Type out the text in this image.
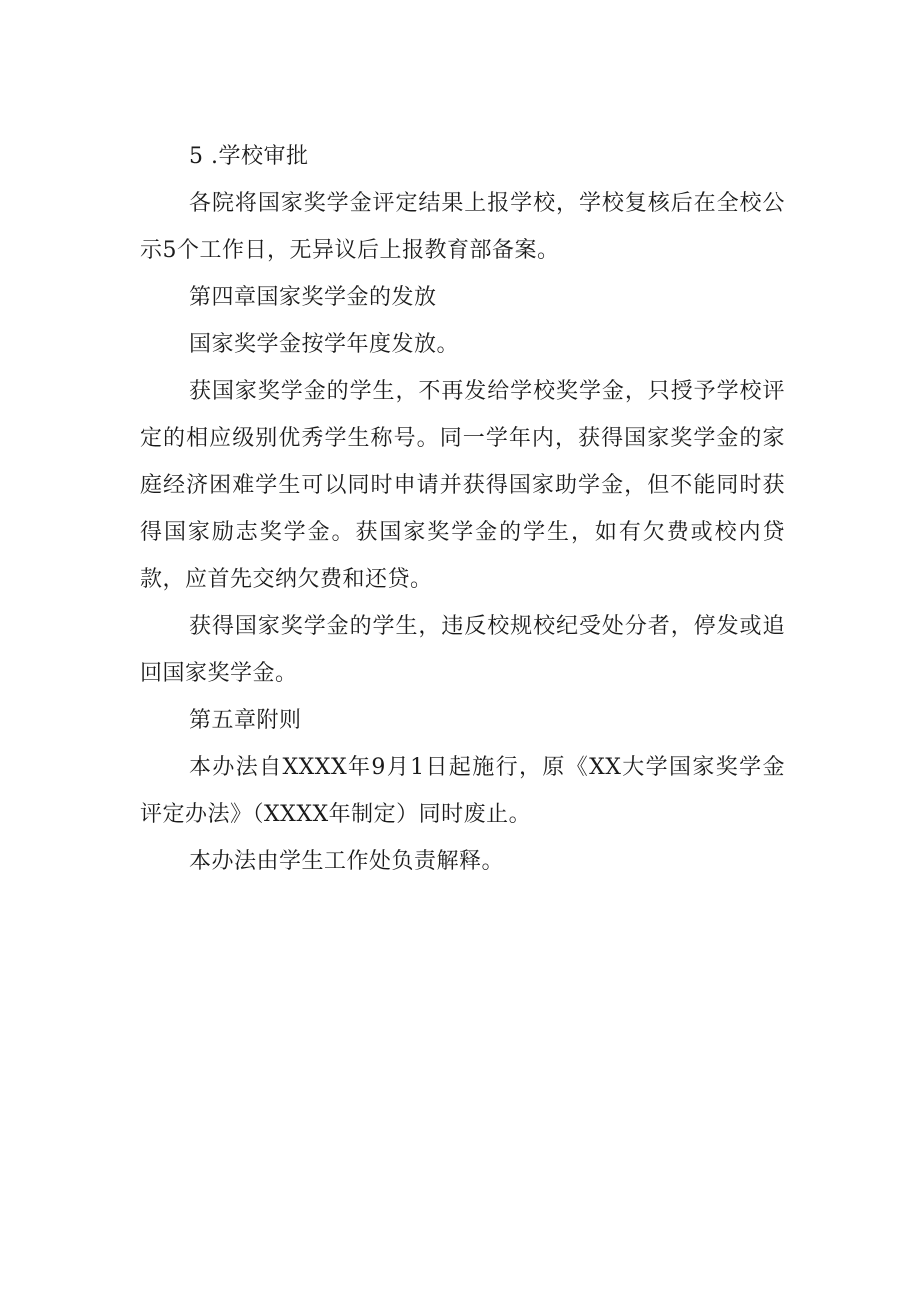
5 .学校审批

各院将国家奖学金评定结果上报学校，学校复核后在全校公示5个工作日，无异议后上报教育部备案。

第四章国家奖学金的发放

国家奖学金按学年度发放。

获国家奖学金的学生，不再发给学校奖学金，只授予学校评定的相应级别优秀学生称号。同一学年内，获得国家奖学金的家庭经济困难学生可以同时申请并获得国家助学金，但不能同时获得国家励志奖学金。获国家奖学金的学生，如有欠费或校内贷款，应首先交纳欠费和还贷。

获得国家奖学金的学生，违反校规校纪受处分者，停发或追回国家奖学金。

第五章附则

本办法自XXXX年9月1日起施行，原《XX大学国家奖学金评定办法》（XXXX年制定）同时废止。

本办法由学生工作处负责解释。
